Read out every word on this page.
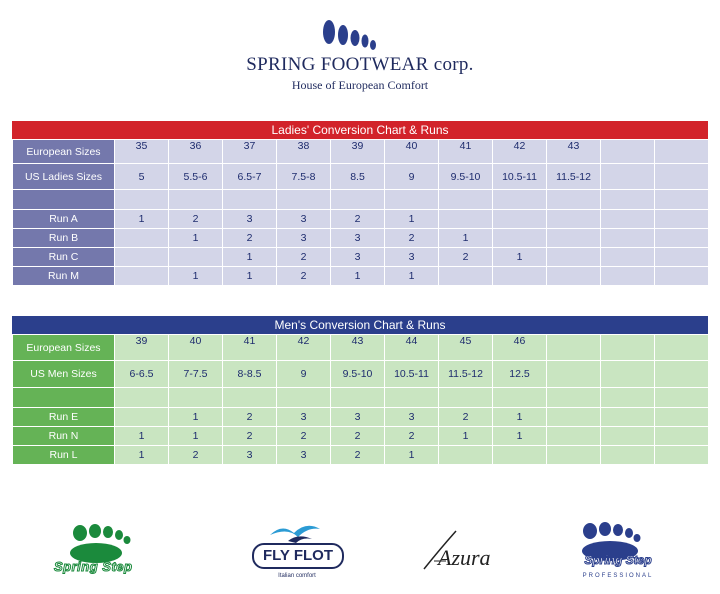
SPRING FOOTWEAR corp.
House of European Comfort
Ladies' Conversion Chart & Runs
European Sizes	35	36	37	38	39	40	41	42	43			
US Ladies Sizes	5	5.5-6	6.5-7	7.5-8	8.5	9	9.5-10	10.5-11	11.5-12			

Run A	1	2	3	3	2	1						
Run B		1	2	3	3	2	1					
Run C			1	2	3	3	2	1				
Run M		1	1	2	1	1						
Men's Conversion Chart & Runs
European Sizes	39	40	41	42	43	44	45	46				
US Men Sizes	6-6.5	7-7.5	8-8.5	9	9.5-10	10.5-11	11.5-12	12.5				

Run E		1	2	3	3	3	2	1				
Run N	1	1	2	2	2	2	1	1				
Run L	1	2	3	3	2	1						
Spring Step
FLY FLOT
Italian comfort
Azura	Spring Step
PROFESSIONAL
